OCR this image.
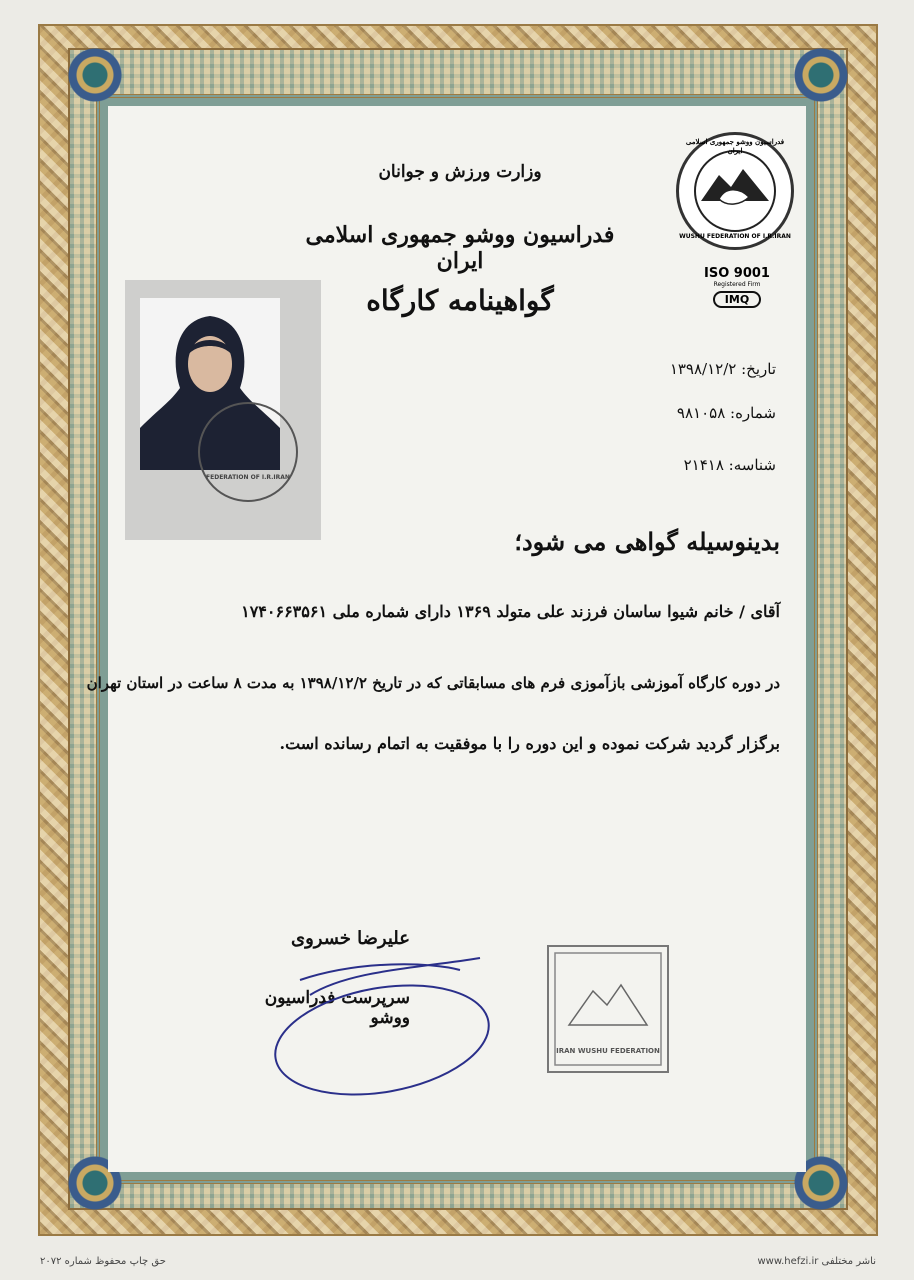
وزارت ورزش و جوانان
فدراسیون ووشو جمهوری اسلامی ایران
گواهینامه کارگاه
فدراسیون ووشو جمهوری اسلامی ایران
WUSHU FEDERATION OF I.R.IRAN
ISO 9001
Registered Firm
IMQ
FEDERATION OF I.R.IRAN
تاریخ: ۱۳۹۸/۱۲/۲
شماره: ۹۸۱۰۵۸
شناسه: ۲۱۴۱۸
بدینوسیله گواهی می شود؛
آقای / خانم شیوا ساسان فرزند علی متولد ۱۳۶۹ دارای شماره ملی ۱۷۴۰۶۶۳۵۶۱
در دوره کارگاه آموزشی بازآموزی فرم های مسابقاتی که در تاریخ ۱۳۹۸/۱۲/۲ به مدت ۸ ساعت در استان تهران
برگزار گردید شرکت نموده و این دوره را با موفقیت به اتمام رسانده است.
علیرضا خسروی
سرپرست فدراسیون ووشو
IRAN WUSHU FEDERATION
ناشر مختلفی www.hefzi.ir
حق چاپ محفوظ شماره ۲۰۷۲
